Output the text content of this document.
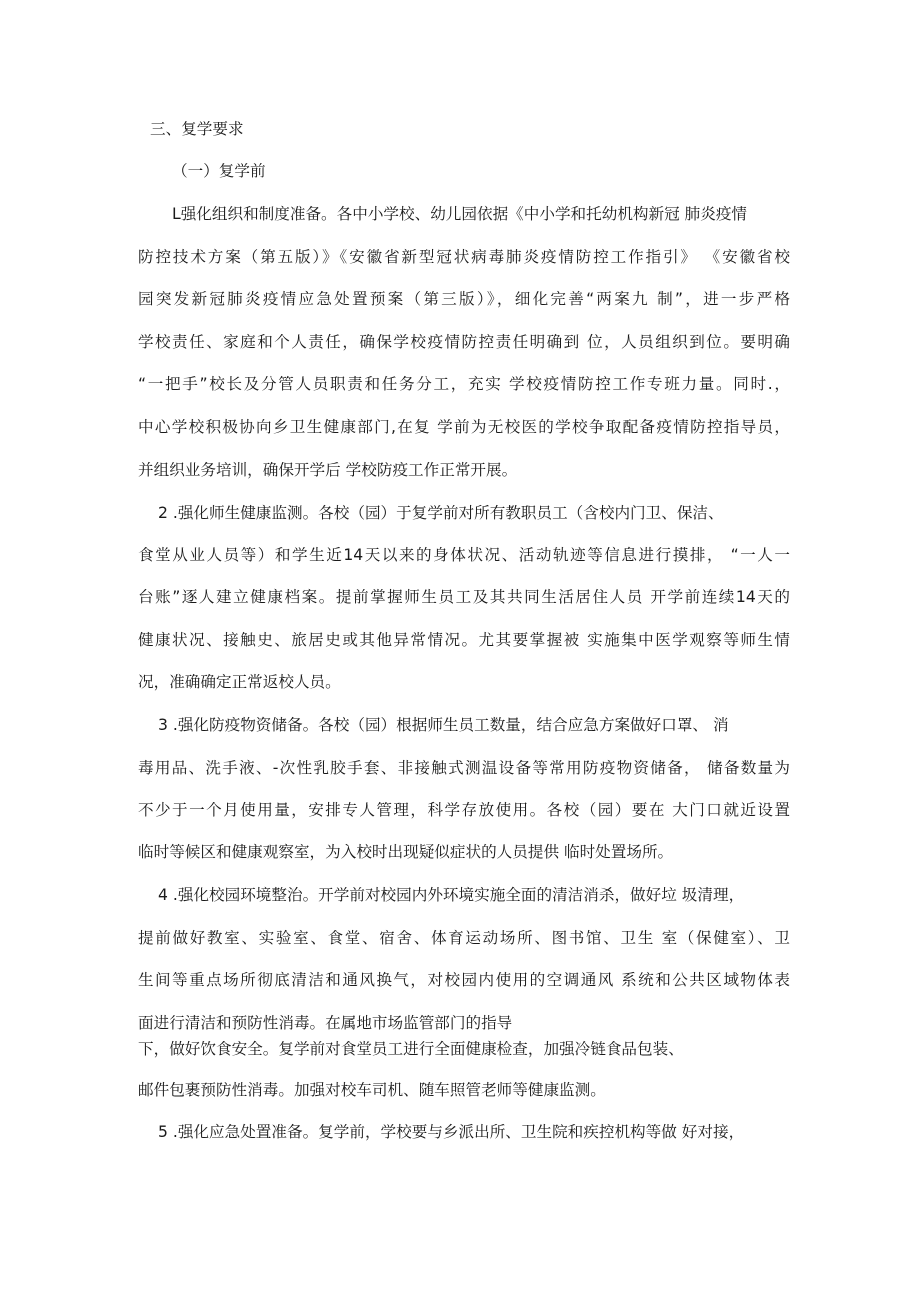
三、复学要求
（一）复学前
L强化组织和制度准备。各中小学校、幼儿园依据《中小学和托幼机构新冠 肺炎疫情
防控技术方案（第五版）》《安徽省新型冠状病毒肺炎疫情防控工作指引》 《安徽省校
园突发新冠肺炎疫情应急处置预案（第三版）》，细化完善“两案九 制”，进一步严格
学校责任、家庭和个人责任，确保学校疫情防控责任明确到 位，人员组织到位。要明确
“一把手”校长及分管人员职责和任务分工，充实 学校疫情防控工作专班力量。同时.，
中心学校积极协向乡卫生健康部门,在复 学前为无校医的学校争取配备疫情防控指导员，
并组织业务培训，确保开学后 学校防疫工作正常开展。
2 .强化师生健康监测。各校（园）于复学前对所有教职员工（含校内门卫、保洁、
食堂从业人员等）和学生近14天以来的身体状况、活动轨迹等信息进行摸排， “一人一
台账”逐人建立健康档案。提前掌握师生员工及其共同生活居住人员 开学前连续14天的
健康状况、接触史、旅居史或其他异常情况。尤其要掌握被 实施集中医学观察等师生情
况，准确确定正常返校人员。
3 .强化防疫物资储备。各校（园）根据师生员工数量，结合应急方案做好口罩、 消
毒用品、洗手液、-次性乳胶手套、非接触式测温设备等常用防疫物资储备， 储备数量为
不少于一个月使用量，安排专人管理，科学存放使用。各校（园）要在 大门口就近设置
临时等候区和健康观察室，为入校时出现疑似症状的人员提供 临时处置场所。
4 .强化校园环境整治。开学前对校园内外环境实施全面的清洁消杀，做好垃 圾清理，
提前做好教室、实验室、食堂、宿舍、体育运动场所、图书馆、卫生 室（保健室）、卫
生间等重点场所彻底清洁和通风换气，对校园内使用的空调通风 系统和公共区域物体表
面进行清洁和预防性消毒。在属地市场监管部门的指导
下，做好饮食安全。复学前对食堂员工进行全面健康检查，加强冷链食品包装、
邮件包裹预防性消毒。加强对校车司机、随车照管老师等健康监测。
5 .强化应急处置准备。复学前，学校要与乡派出所、卫生院和疾控机构等做 好对接，
